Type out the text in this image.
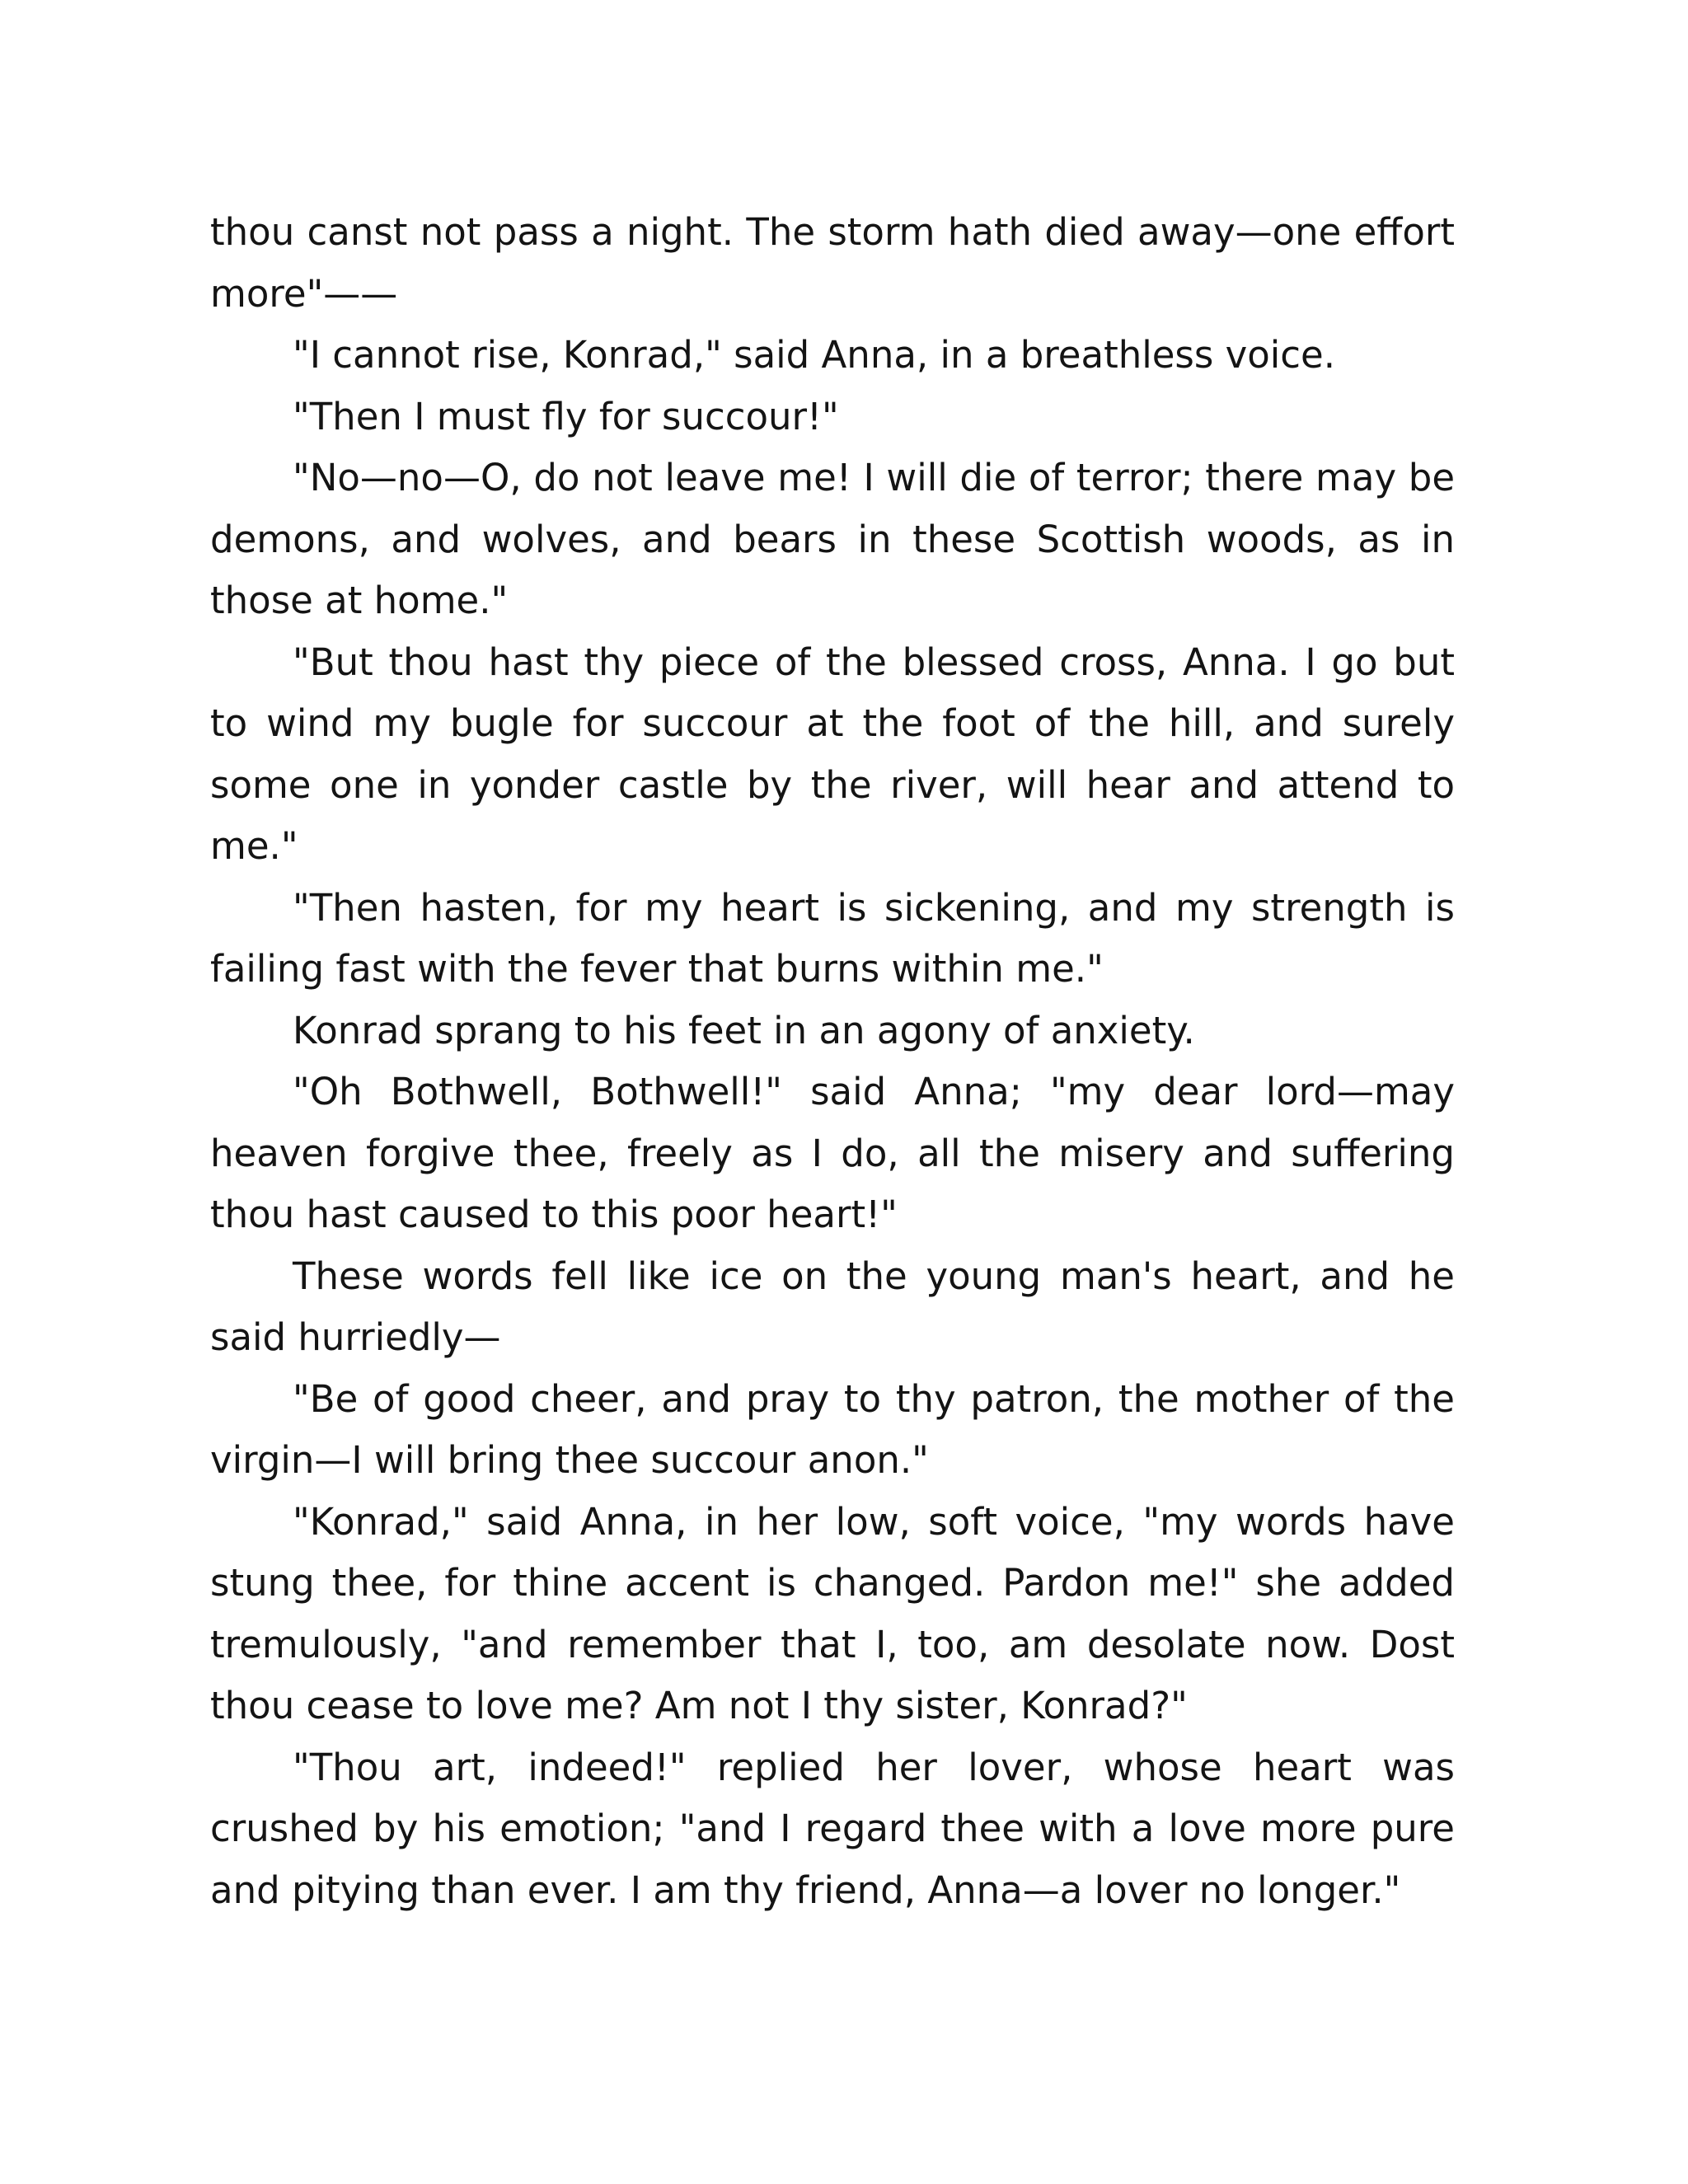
thou canst not pass a night. The storm hath died away—one effort more"——

"I cannot rise, Konrad," said Anna, in a breathless voice.

"Then I must fly for succour!"

"No—no—O, do not leave me! I will die of terror; there may be demons, and wolves, and bears in these Scottish woods, as in those at home."

"But thou hast thy piece of the blessed cross, Anna. I go but to wind my bugle for succour at the foot of the hill, and surely some one in yonder castle by the river, will hear and attend to me."

"Then hasten, for my heart is sickening, and my strength is failing fast with the fever that burns within me."

Konrad sprang to his feet in an agony of anxiety.

"Oh Bothwell, Bothwell!" said Anna; "my dear lord—may heaven forgive thee, freely as I do, all the misery and suffering thou hast caused to this poor heart!"

These words fell like ice on the young man's heart, and he said hurriedly—

"Be of good cheer, and pray to thy patron, the mother of the virgin—I will bring thee succour anon."

"Konrad," said Anna, in her low, soft voice, "my words have stung thee, for thine accent is changed. Pardon me!" she added tremulously, "and remember that I, too, am desolate now. Dost thou cease to love me? Am not I thy sister, Konrad?"

"Thou art, indeed!" replied her lover, whose heart was crushed by his emotion; "and I regard thee with a love more pure and pitying than ever. I am thy friend, Anna—a lover no longer."
